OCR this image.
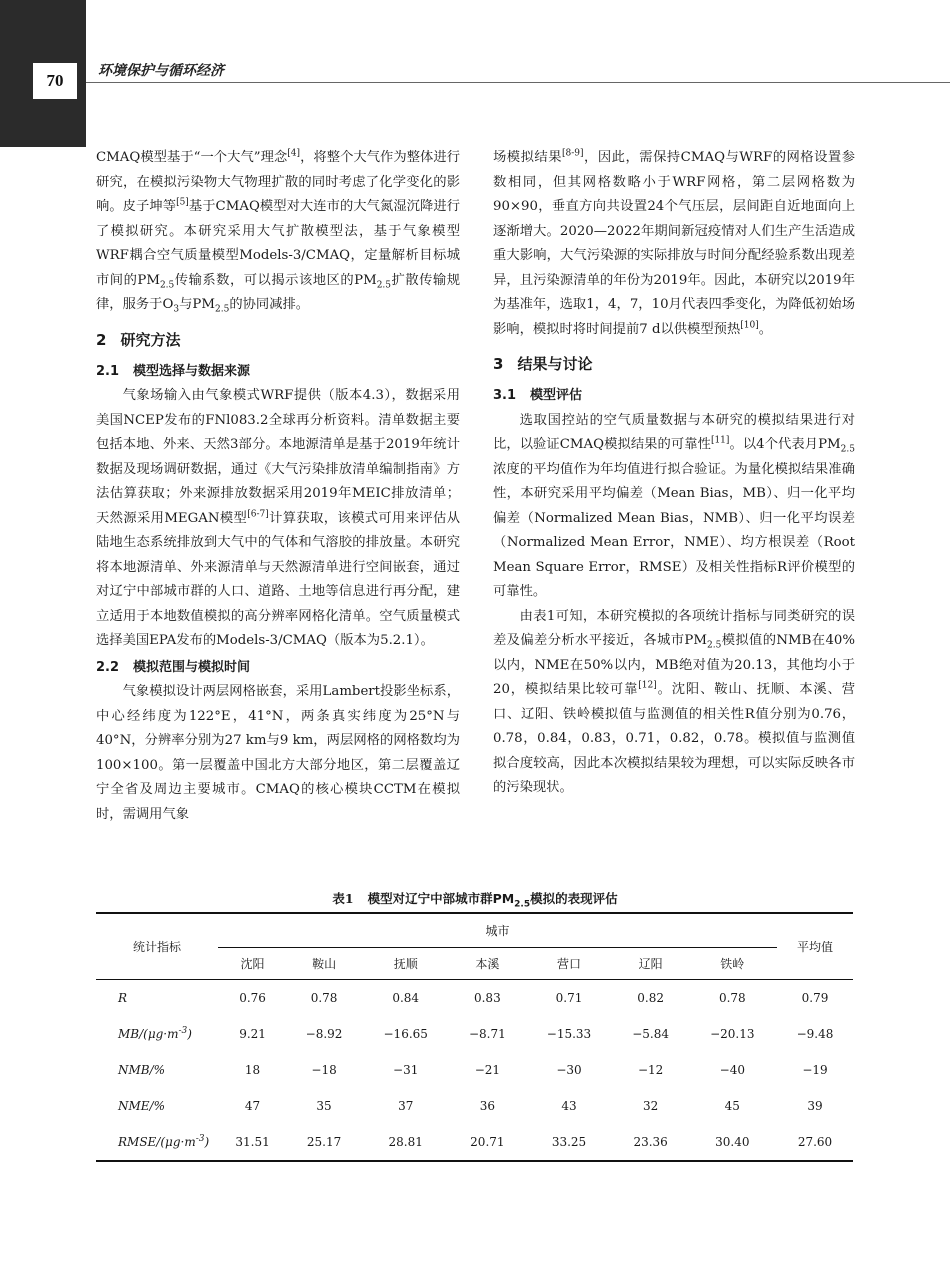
70	环境保护与循环经济

CMAQ模型基于“一个大气”理念[4]，将整个大气作为整体进行研究，在模拟污染物大气物理扩散的同时考虑了化学变化的影响。皮子坤等[5]基于CMAQ模型对大连市的大气氮湿沉降进行了模拟研究。本研究采用大气扩散模型法，基于气象模型WRF耦合空气质量模型Models-3/CMAQ，定量解析目标城市间的$PM_{2.5}$传输系数，可以揭示该地区的$PM_{2.5}$扩散传输规律，服务于$O_3$与$PM_{2.5}$的协同减排。

2 研究方法
2.1 模型选择与数据来源

气象场输入由气象模式WRF提供（版本4.3），数据采用美国NCEP发布的FNl083.2全球再分析资料。清单数据主要包括本地、外来、天然3部分。本地源清单是基于2019年统计数据及现场调研数据，通过《大气污染排放清单编制指南》方法估算获取；外来源排放数据采用2019年MEIC排放清单；天然源采用MEGAN模型[6-7]计算获取，该模式可用来评估从陆地生态系统排放到大气中的气体和气溶胶的排放量。本研究将本地源清单、外来源清单与天然源清单进行空间嵌套，通过对辽宁中部城市群的人口、道路、土地等信息进行再分配，建立适用于本地数值模拟的高分辨率网格化清单。空气质量模式选择美国EPA发布的Models-3/CMAQ（版本为5.2.1）。

2.2 模拟范围与模拟时间

气象模拟设计两层网格嵌套，采用Lambert投影坐标系，中心经纬度为122°E，41°N，两条真实纬度为25°N与40°N，分辨率分别为27 km与9 km，两层网格的网格数均为100×100。第一层覆盖中国北方大部分地区，第二层覆盖辽宁全省及周边主要城市。CMAQ的核心模块CCTM在模拟时，需调用气象

场模拟结果[8-9]，因此，需保持CMAQ与WRF的网格设置参数相同，但其网格数略小于WRF网格，第二层网格数为90×90，垂直方向共设置24个气压层，层间距自近地面向上逐渐增大。2020—2022年期间新冠疫情对人们生产生活造成重大影响，大气污染源的实际排放与时间分配经验系数出现差异，且污染源清单的年份为2019年。因此，本研究以2019年为基准年，选取1，4，7，10月代表四季变化，为降低初始场影响，模拟时将时间提前7 d以供模型预热[10]。

3 结果与讨论
3.1 模型评估

选取国控站的空气质量数据与本研究的模拟结果进行对比，以验证CMAQ模拟结果的可靠性[11]。以4个代表月$PM_{2.5}$浓度的平均值作为年均值进行拟合验证。为量化模拟结果准确性，本研究采用平均偏差（Mean Bias，MB）、归一化平均偏差（Normalized Mean Bias，NMB）、归一化平均误差（Normalized Mean Error，NME）、均方根误差（Root Mean Square Error，RMSE）及相关性指标R评价模型的可靠性。

由表1可知，本研究模拟的各项统计指标与同类研究的误差及偏差分析水平接近，各城市$PM_{2.5}$模拟值的NMB在40%以内，NME在50%以内，MB绝对值为20.13，其他均小于20，模拟结果比较可靠[12]。沈阳、鞍山、抚顺、本溪、营口、辽阳、铁岭模拟值与监测值的相关性R值分别为0.76，0.78，0.84，0.83，0.71，0.82，0.78。模拟值与监测值拟合度较高，因此本次模拟结果较为理想，可以实际反映各市的污染现状。

表1 模型对辽宁中部城市群$PM_{2.5}$模拟的表现评估
统计指标	城市							平均值
	沈阳	鞍山	抚顺	本溪	营口	辽阳	铁岭	
R	0.76	0.78	0.84	0.83	0.71	0.82	0.78	0.79
$MB/(\mu g\cdot m^{-3})$	9.21	−8.92	−16.65	−8.71	−15.33	−5.84	−20.13	−9.48
NMB/%	18	−18	−31	−21	−30	−12	−40	−19
NME/%	47	35	37	36	43	32	45	39
RMSE/$(\mu g\cdot m^{-3})$	31.51	25.17	28.81	20.71	33.25	23.36	30.40	27.60
